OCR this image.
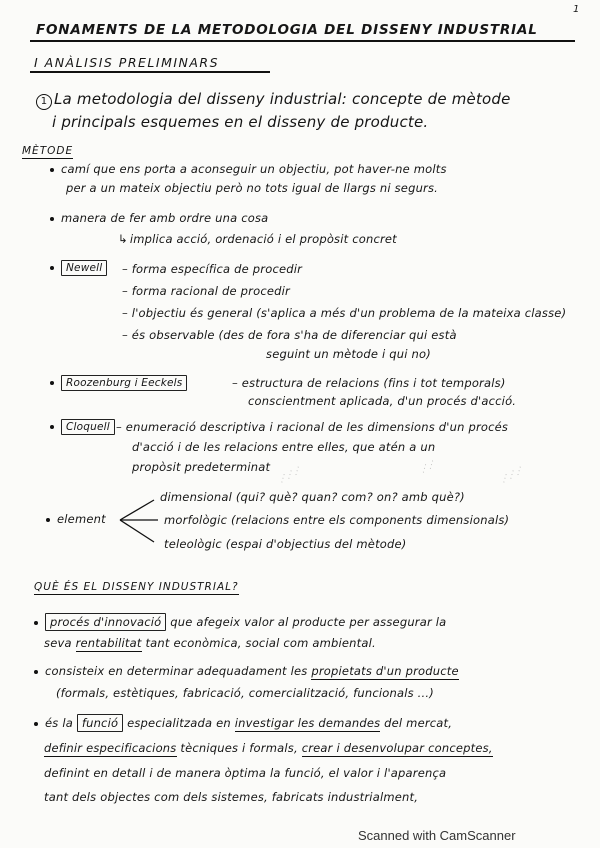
1
FONAMENTS DE LA METODOLOGIA DEL DISSENY INDUSTRIAL
I ANÀLISIS PRELIMINARS
1 La metodologia del disseny industrial: concepte de mètode
i principals esquemes en el disseny de producte.
MÈTODE
camí que ens porta a aconseguir un objectiu, pot haver-ne molts
per a un mateix objectiu però no tots igual de llargs ni segurs.
manera de fer amb ordre una cosa
↳ implica acció, ordenació i el propòsit concret
Newell	– forma específica de procedir
– forma racional de procedir
– l'objectiu és general (s'aplica a més d'un problema de la mateixa classe)
– és observable (des de fora s'ha de diferenciar qui està
seguint un mètode i qui no)
Roozenburg i Eeckels	– estructura de relacions (fins i tot temporals)
conscientment aplicada, d'un procés d'acció.
Cloquell – enumeració descriptiva i racional de les dimensions d'un procés
d'acció i de les relacions entre elles, que atén a un
propòsit predeterminat ⋰⋰⋰	⋰⋰	⋰⋰⋰
element
dimensional (qui? què? quan? com? on? amb què?)
morfològic (relacions entre els components dimensionals)
teleològic (espai d'objectius del mètode)
QUÈ ÉS EL DISSENY INDUSTRIAL?
procés d'innovació que afegeix valor al producte per assegurar la
seva rentabilitat tant econòmica, social com ambiental.
consisteix en determinar adequadament les propietats d'un producte
(formals, estètiques, fabricació, comercialització, funcionals ...)
és la funció especialitzada en investigar les demandes del mercat,
definir especificacions tècniques i formals, crear i desenvolupar conceptes,
definint en detall i de manera òptima la funció, el valor i l'aparença
tant dels objectes com dels sistemes, fabricats industrialment,
Scanned with CamScanner
